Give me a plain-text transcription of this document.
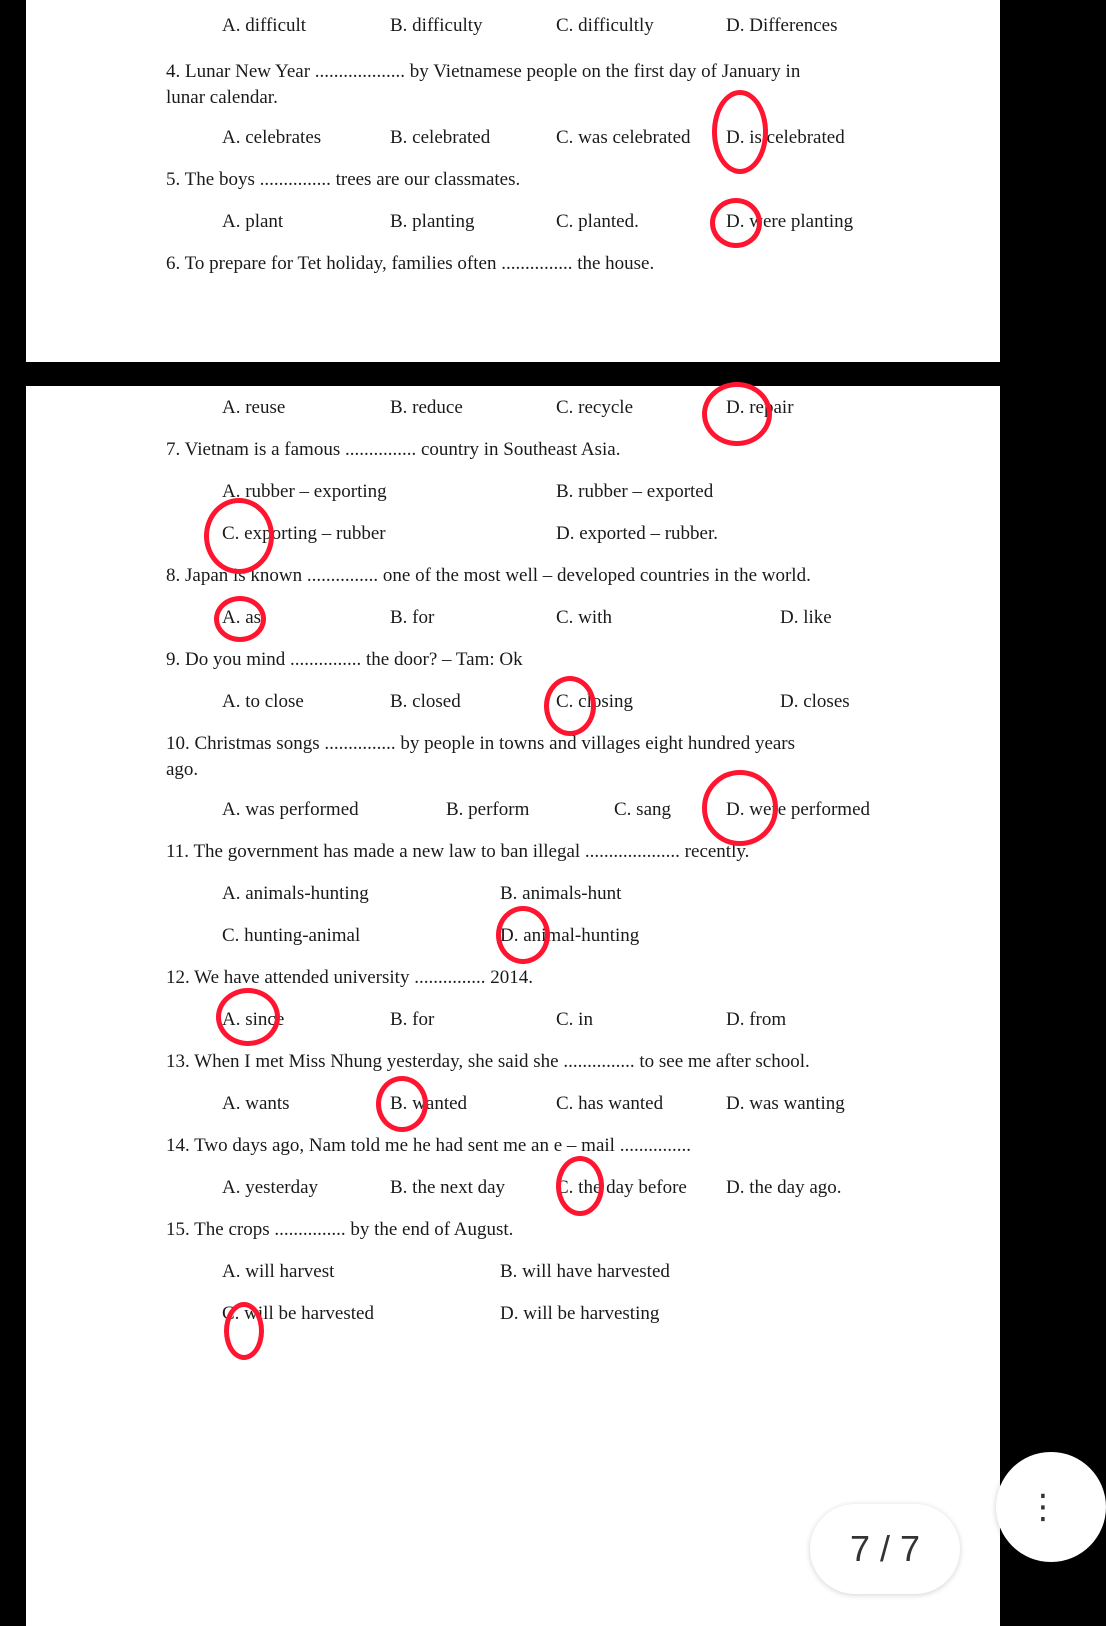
A. difficult	B. difficulty	C. difficultly	D. Differences
4. Lunar New Year ................... by Vietnamese people on the first day of January in
lunar calendar.
A. celebrates	B. celebrated	C. was celebrated D. is celebrated
5. The boys ............... trees are our classmates.
A. plant	B. planting	C. planted.	D. were planting
6. To prepare for Tet holiday, families often ............... the house.
A. reuse	B. reduce	C. recycle	D. repair
7. Vietnam is a famous ............... country in Southeast Asia.
A. rubber – exporting	B. rubber – exported
C. exporting – rubber	D. exported – rubber.
8. Japan is known ............... one of the most well – developed countries in the world.
A. as	B. for	C. with	D. like
9. Do you mind ............... the door? – Tam: Ok
A. to close	B. closed	C. closing	D. closes
10. Christmas songs ............... by people in towns and villages eight hundred years
ago.
A. was performed	B. perform	C. sang	D. were performed
11. The government has made a new law to ban illegal .................... recently.
A. animals-hunting	B. animals-hunt
C. hunting-animal	D. animal-hunting
12. We have attended university ............... 2014.
A. since	B. for	C. in	D. from
13. When I met Miss Nhung yesterday, she said she ............... to see me after school.
A. wants	B. wanted	C. has wanted	D. was wanting
14. Two days ago, Nam told me he had sent me an e – mail ...............
A. yesterday	B. the next day	C. the day before D. the day ago.
15. The crops ............... by the end of August.
A. will harvest	B. will have harvested
C. will be harvested	D. will be harvesting
7 / 7
⋮
